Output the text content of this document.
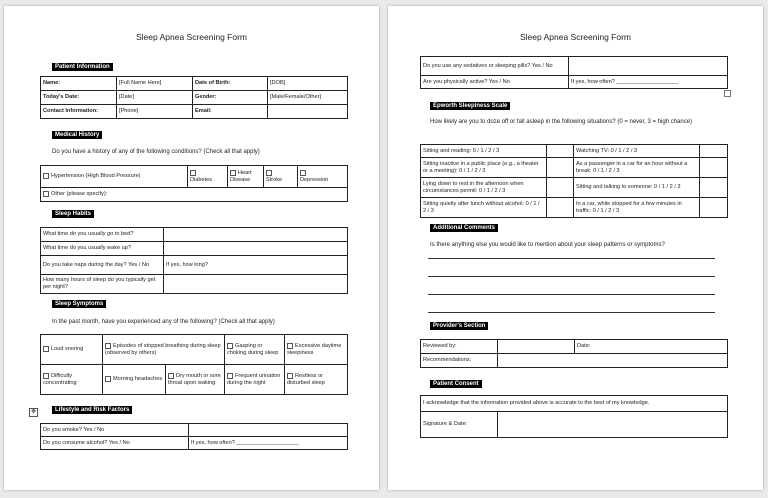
Sleep Apnea Screening Form
Patient Information
Name:	[Full Name Here]	Date of Birth:	[DOB]
Today's Date:	[Date]	Gender:	[Male/Female/Other]
Contact Information:	[Phone]	Email:	
Medical History
Do you have a history of any of the following conditions? (Check all that apply)
Hypertension (High Blood Pressure)	
Diabetes	Heart Disease	Stroke	Depression
Other (please specify):
Sleep Habits
What time do you usually go to bed?	
What time do you usually wake up?	
Do you take naps during the day? Yes / No	If yes, how long?
How many hours of sleep do you typically get per night?	
Sleep Symptoms
In the past month, have you experienced any of the following? (Check all that apply)
Loud snoring	Episodes of stopped breathing during sleep (observed by others)	Gasping or choking during sleep	Excessive daytime sleepiness
Difficulty concentrating	Morning headaches	Dry mouth or sore throat upon waking	Frequent urination during the night	Restless or disturbed sleep
✥	Lifestyle and Risk Factors
Do you smoke? Yes / No	
Do you consume alcohol? Yes / No	If yes, how often? ____________________
Sleep Apnea Screening Form
Do you use any sedatives or sleeping pills? Yes / No	
Are you physically active? Yes / No	If yes, how often? ____________________
Epworth Sleepiness Scale
How likely are you to doze off or fall asleep in the following situations? (0 = never, 3 = high chance)
Sitting and reading: 0 / 1 / 2 / 3		Watching TV: 0 / 1 / 2 / 3	
Sitting inactive in a public place (e.g., a theater or a meeting): 0 / 1 / 2 / 3		As a passenger in a car for an hour without a break: 0 / 1 / 2 / 3	
Lying down to rest in the afternoon when circumstances permit: 0 / 1 / 2 / 3		Sitting and talking to someone: 0 / 1 / 2 / 3	
Sitting quietly after lunch without alcohol: 0 / 1 / 2 / 3		In a car, while stopped for a few minutes in traffic: 0 / 1 / 2 / 3	
Additional Comments
Is there anything else you would like to mention about your sleep patterns or symptoms?
Provider's Section
Reviewed by:		Date:
Recommendations:		
Patient Consent
I acknowledge that the information provided above is accurate to the best of my knowledge.
Signature & Date:	
